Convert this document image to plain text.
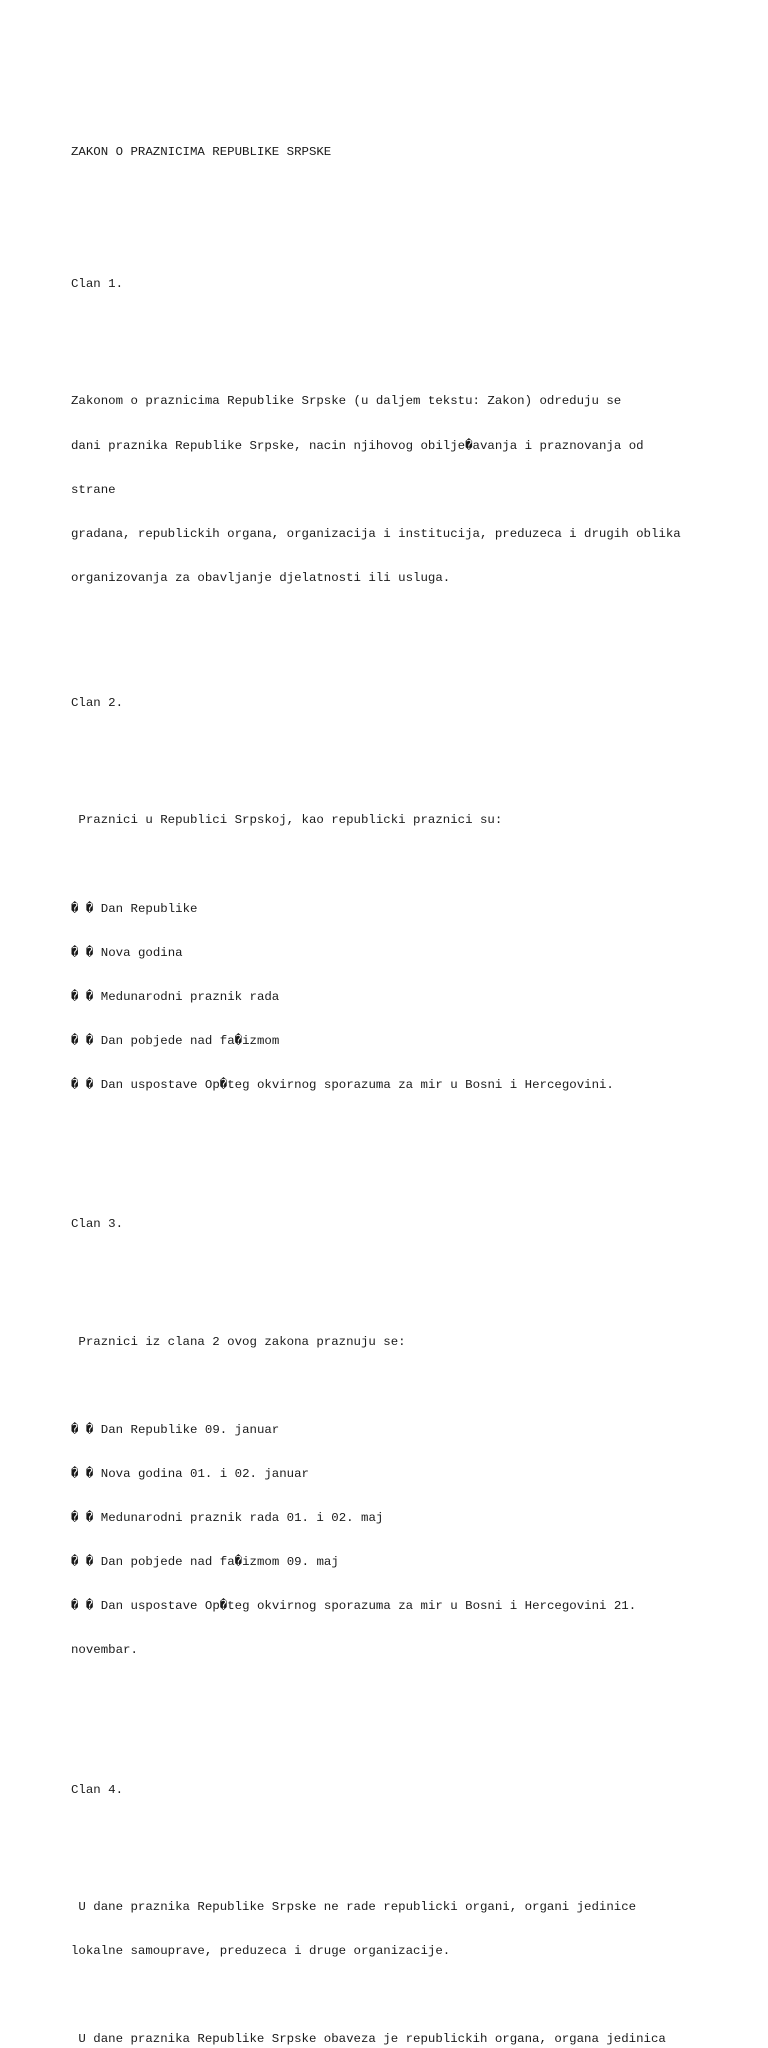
ZAKON O PRAZNICIMA REPUBLIKE SRPSKE

Clan 1.

Zakonom o praznicima Republike Srpske (u daljem tekstu: Zakon) odreduju se

dani praznika Republike Srpske, nacin njihovog obilje�avanja i praznovanja od

strane

gradana, republickih organa, organizacija i institucija, preduzeca i drugih oblika

organizovanja za obavljanje djelatnosti ili usluga.

Clan 2.

Praznici u Republici Srpskoj, kao republicki praznici su:

� � Dan Republike

� � Nova godina

� � Medunarodni praznik rada

� � Dan pobjede nad fa�izmom

� � Dan uspostave Op�teg okvirnog sporazuma za mir u Bosni i Hercegovini.

Clan 3.

Praznici iz clana 2 ovog zakona praznuju se:

� � Dan Republike 09. januar

� � Nova godina 01. i 02. januar

� � Medunarodni praznik rada 01. i 02. maj

� � Dan pobjede nad fa�izmom 09. maj

� � Dan uspostave Op�teg okvirnog sporazuma za mir u Bosni i Hercegovini 21.

novembar.

Clan 4.

U dane praznika Republike Srpske ne rade republicki organi, organi jedinice

lokalne samouprave, preduzeca i druge organizacije.

U dane praznika Republike Srpske obaveza je republickih organa, organa jedinica
